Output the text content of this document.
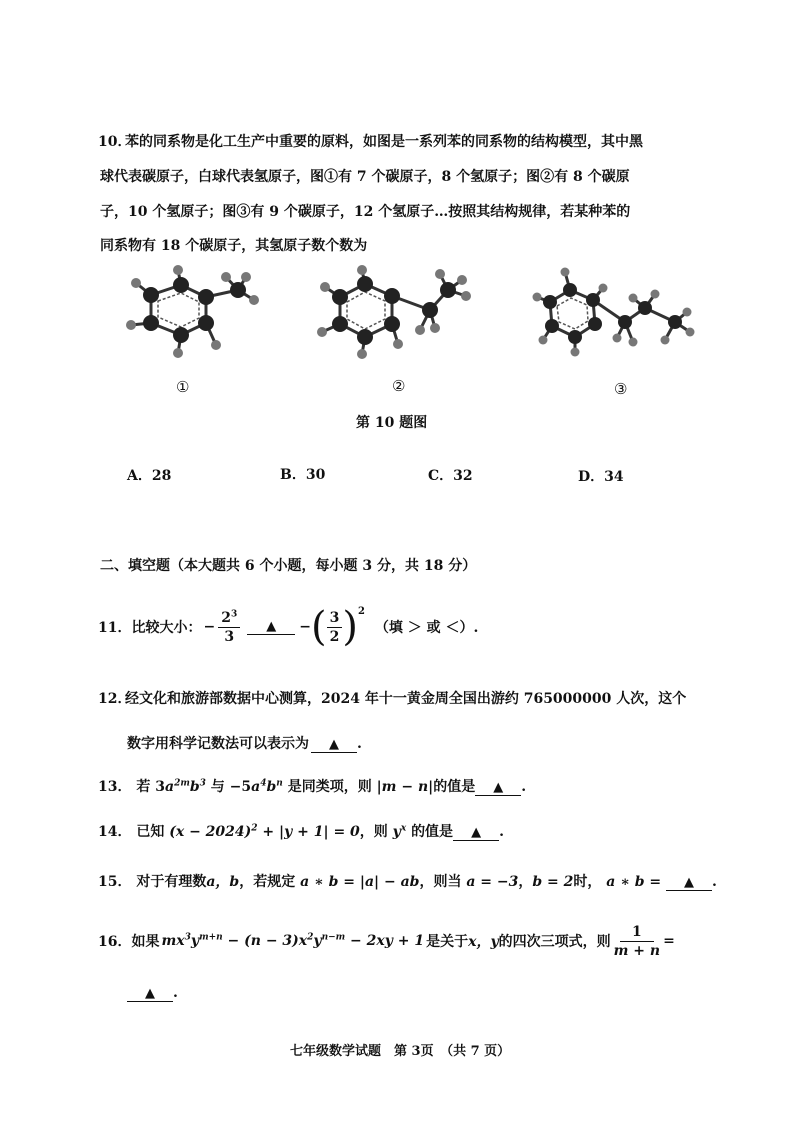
10．
苯的同系物是化工生产中重要的原料，如图是一系列苯的同系物的结构模型，其中黑
球代表碳原子，白球代表氢原子，图①有 7 个碳原子，8 个氢原子；图②有 8 个碳原
子，10 个氢原子；图③有 9 个碳原子，12 个氢原子…按照其结构规律，若某种苯的
同系物有 18 个碳原子，其氢原子数个数为
①	②	③
第 10 题图
A．28	B．30	C．32	D．34
二、填空题（本大题共 6 个小题，每小题 3 分，共 18 分）
11． 比较大小： − $\frac{2^3}{3}$	▲	− ( $\frac{3}{2}$ ) 2
（填 ＞ 或 ＜）.
12．
经文化和旅游部数据中心测算，2024 年十一黄金周全国出游约 765000000 人次，这个
数字用科学记数法可以表示为 ▲ .
13． 若 $3a^{2m}b^3$ 与 $-5a^4b^n$ 是同类项，则 |m − n|的值是 ▲ .
14． 已知 $(x - 2024)^2 + |y + 1| = 0$，则 $y^x$ 的值是 ▲ .
15． 对于有理数a，b，若规定 a ∗ b = |a| − ab，则当 a = −3，b = 2时， a ∗ b = ▲ .
16． 如果 $mx^3y^{m+n} - (n - 3)x^2y^{n-m} - 2xy + 1$ 是关于 x，y 的四次三项式，则 $\frac{1}{m + n}$ =
▲ .
七年级数学试题　第 3页　（共 7 页）
